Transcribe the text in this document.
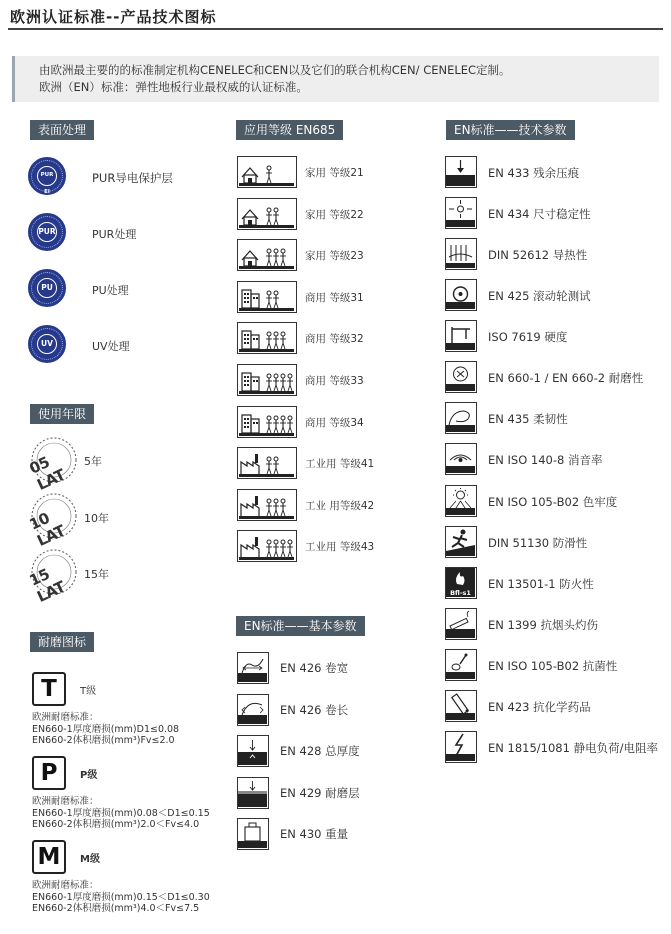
欧洲认证标准--产品技术图标
由欧洲最主要的的标准制定机构CENELEC和CEN以及它们的联合机构CEN/ CENELEC定制。
欧洲（EN）标准：弹性地板行业最权威的认证标准。
表面处理
PUR EI
PUR导电保护层
PUR	PUR处理
PU	PU处理
UV	UV处理
使用年限
05 LAT
5年
10 LAT
10年
15 LAT
15年
耐磨图标
T	T级
欧洲耐磨标准：
EN660-1厚度磨损(mm)D1≤0.08
EN660-2体积磨损(mm³)Fv≤2.0
P	P级
欧洲耐磨标准：
EN660-1厚度磨损(mm)0.08＜D1≤0.15
EN660-2体积磨损(mm³)2.0＜Fv≤4.0
M	M级
欧洲耐磨标准：
EN660-1厚度磨损(mm)0.15＜D1≤0.30
EN660-2体积磨损(mm³)4.0＜Fv≤7.5
应用等级 EN685
家用 等级21
家用 等级22
家用 等级23
商用 等级31
商用 等级32
商用 等级33
商用 等级34
工业用 等级41
工业 用等级42
工业用 等级43
EN标准——基本参数
EN 426 卷宽
EN 426 卷长
EN 428 总厚度
EN 429 耐磨层
EN 430 重量
EN标准——技术参数
EN 433 残余压痕
EN 434 尺寸稳定性
DIN 52612 导热性
EN 425 滚动轮测试
ISO 7619 硬度
EN 660-1 / EN 660-2 耐磨性
EN 435 柔韧性
EN ISO 140-8 消音率
EN ISO 105-B02 色牢度
DIN 51130 防滑性
Bfl-s1
EN 13501-1 防火性
EN 1399 抗烟头灼伤
EN ISO 105-B02 抗菌性
EN 423 抗化学药品
EN 1815/1081 静电负荷/电阻率
